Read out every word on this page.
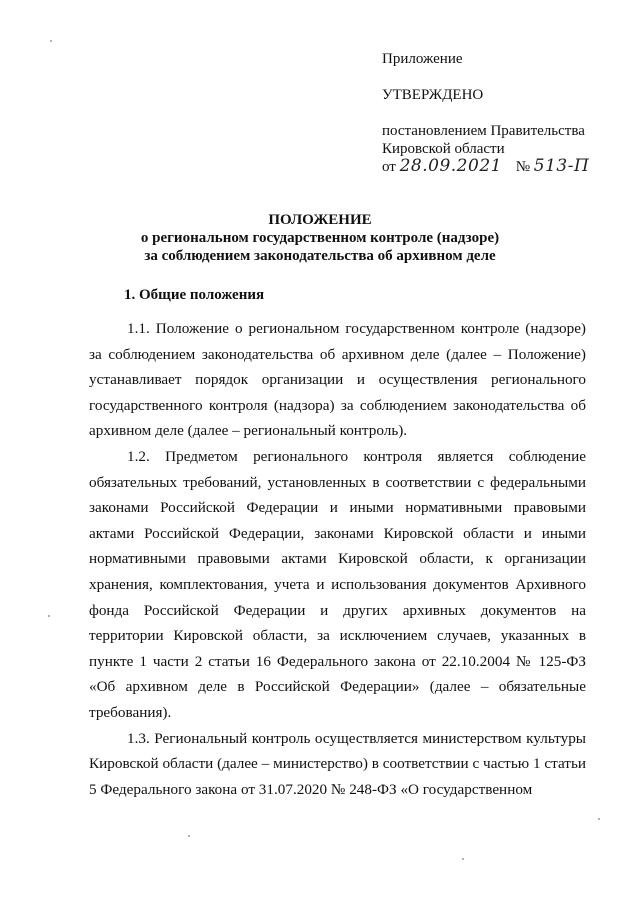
Приложение
УТВЕРЖДЕНО
постановлением Правительства
Кировской области
от 28.09.2021 № 513-П
ПОЛОЖЕНИЕ
о региональном государственном контроле (надзоре)
за соблюдением законодательства об архивном деле
1. Общие положения

1.1. Положение о региональном государственном контроле (надзоре) за соблюдением законодательства об архивном деле (далее – Положение) устанавливает порядок организации и осуществления регионального государственного контроля (надзора) за соблюдением законодательства об архивном деле (далее – региональный контроль).

1.2. Предметом регионального контроля является соблюдение обязательных требований, установленных в соответствии с федеральными законами Российской Федерации и иными нормативными правовыми актами Российской Федерации, законами Кировской области и иными нормативными правовыми актами Кировской области, к организации хранения, комплектования, учета и использования документов Архивного фонда Российской Федерации и других архивных документов на территории Кировской области, за исключением случаев, указанных в пункте 1 части 2 статьи 16 Федерального закона от 22.10.2004 № 125-ФЗ «Об архивном деле в Российской Федерации» (далее – обязательные требования).

1.3. Региональный контроль осуществляется министерством культуры Кировской области (далее – министерство) в соответствии с частью 1 статьи 5 Федерального закона от 31.07.2020 № 248-ФЗ «О государственном
